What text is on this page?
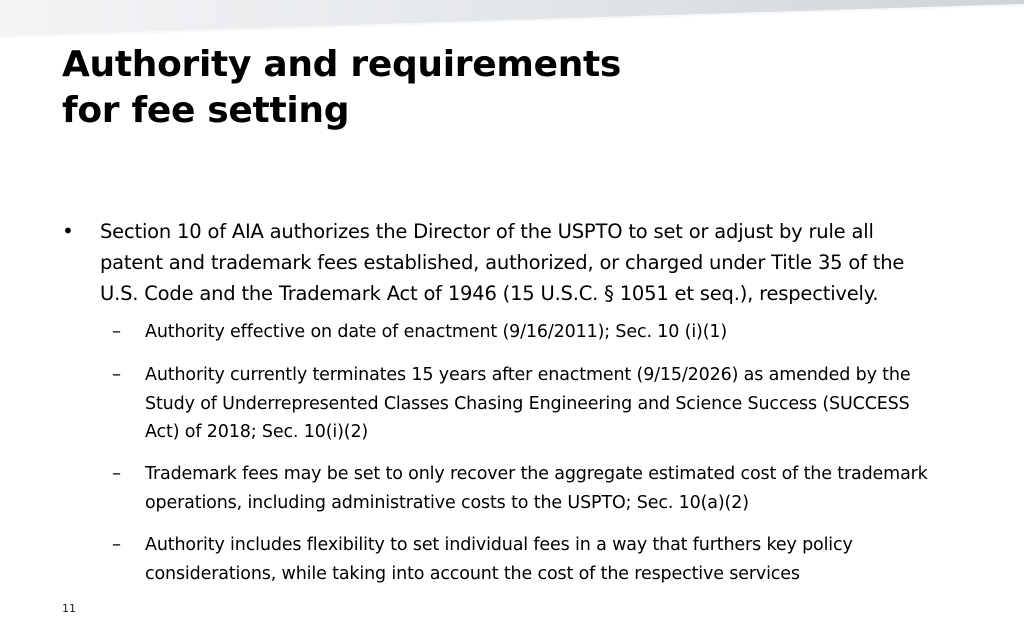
Authority and requirements
for fee setting
• Section 10 of AIA authorizes the Director of the USPTO to set or adjust by rule all patent and trademark fees established, authorized, or charged under Title 35 of the U.S. Code and the Trademark Act of 1946 (15 U.S.C. § 1051 et seq.), respectively.
– Authority effective on date of enactment (9/16/2011); Sec. 10 (i)(1)
– Authority currently terminates 15 years after enactment (9/15/2026) as amended by the Study of Underrepresented Classes Chasing Engineering and Science Success (SUCCESS Act) of 2018; Sec. 10(i)(2)
– Trademark fees may be set to only recover the aggregate estimated cost of the trademark operations, including administrative costs to the USPTO; Sec. 10(a)(2)
– Authority includes flexibility to set individual fees in a way that furthers key policy considerations, while taking into account the cost of the respective services
11
